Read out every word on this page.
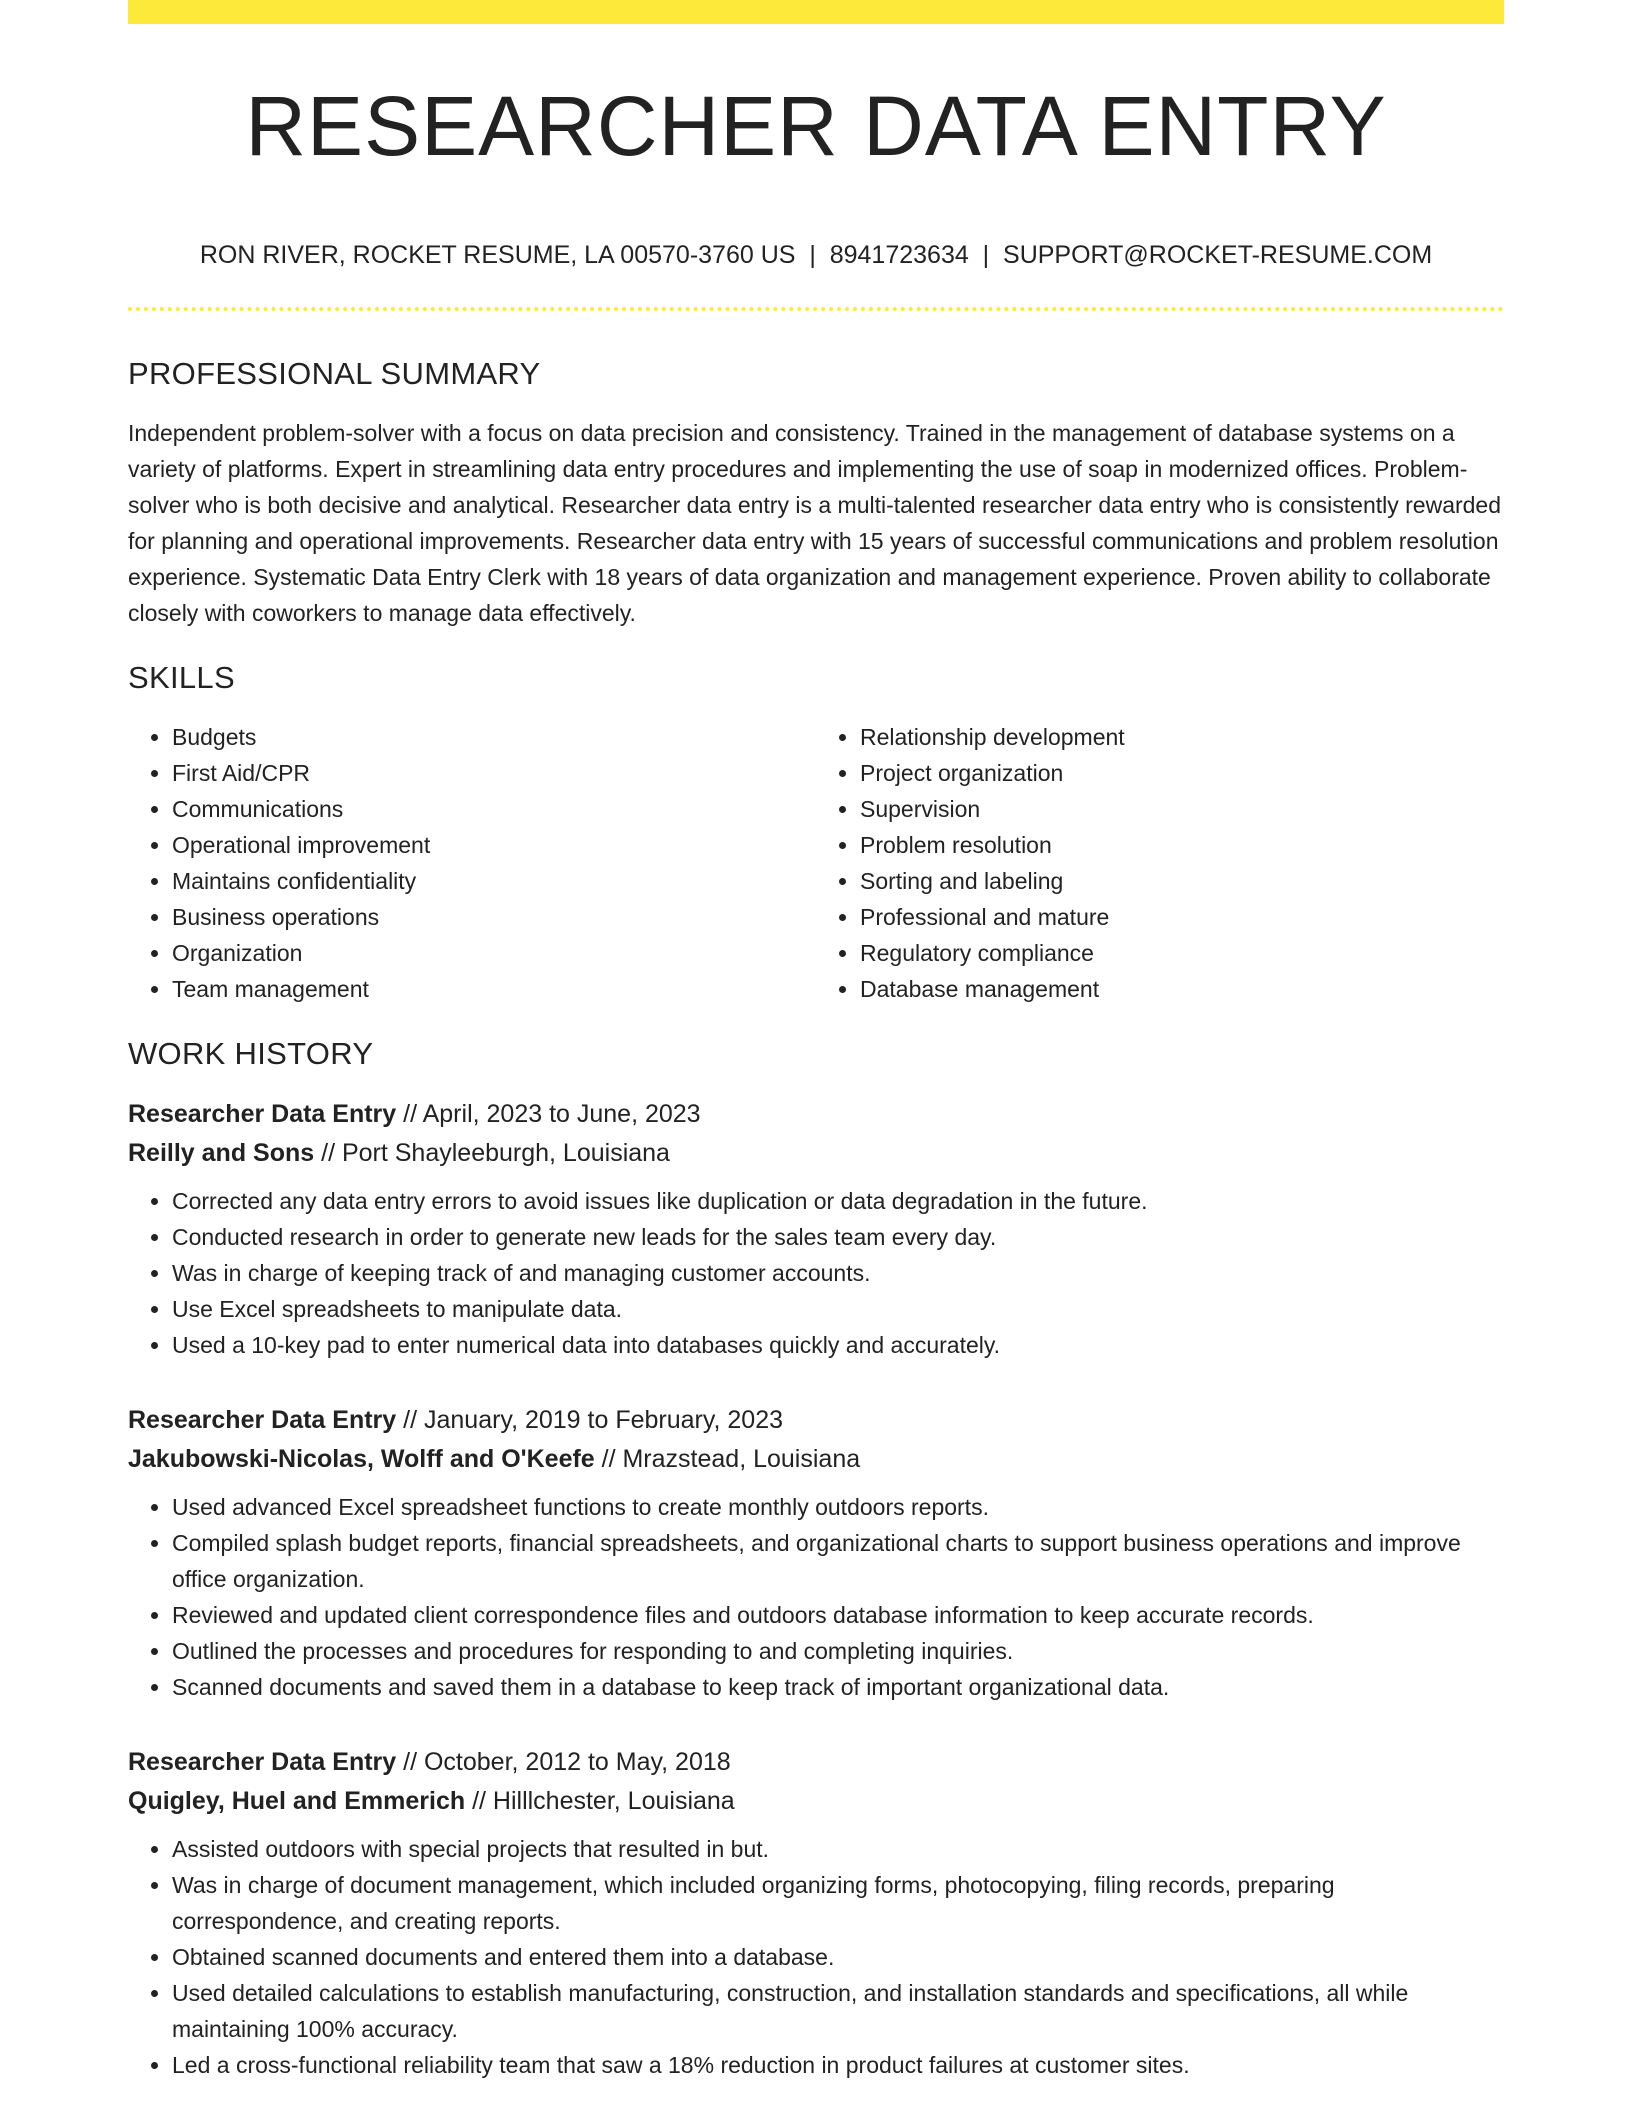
RESEARCHER DATA ENTRY
RON RIVER, ROCKET RESUME, LA 00570-3760 US  |  8941723634  |  SUPPORT@ROCKET-RESUME.COM
PROFESSIONAL SUMMARY

Independent problem-solver with a focus on data precision and consistency. Trained in the management of database systems on a variety of platforms. Expert in streamlining data entry procedures and implementing the use of soap in modernized offices. Problem-solver who is both decisive and analytical. Researcher data entry is a multi-talented researcher data entry who is consistently rewarded for planning and operational improvements. Researcher data entry with 15 years of successful communications and problem resolution experience. Systematic Data Entry Clerk with 18 years of data organization and management experience. Proven ability to collaborate closely with coworkers to manage data effectively.

SKILLS
• Budgets
• First Aid/CPR
• Communications
• Operational improvement
• Maintains confidentiality
• Business operations
• Organization
• Team management
• Relationship development
• Project organization
• Supervision
• Problem resolution
• Sorting and labeling
• Professional and mature
• Regulatory compliance
• Database management
WORK HISTORY
Researcher Data Entry // April, 2023 to June, 2023
Reilly and Sons // Port Shayleeburgh, Louisiana
• Corrected any data entry errors to avoid issues like duplication or data degradation in the future.
• Conducted research in order to generate new leads for the sales team every day.
• Was in charge of keeping track of and managing customer accounts.
• Use Excel spreadsheets to manipulate data.
• Used a 10-key pad to enter numerical data into databases quickly and accurately.
Researcher Data Entry // January, 2019 to February, 2023
Jakubowski-Nicolas, Wolff and O'Keefe // Mrazstead, Louisiana
• Used advanced Excel spreadsheet functions to create monthly outdoors reports.
• Compiled splash budget reports, financial spreadsheets, and organizational charts to support business operations and improve office organization.
• Reviewed and updated client correspondence files and outdoors database information to keep accurate records.
• Outlined the processes and procedures for responding to and completing inquiries.
• Scanned documents and saved them in a database to keep track of important organizational data.
Researcher Data Entry // October, 2012 to May, 2018
Quigley, Huel and Emmerich // Hilllchester, Louisiana
• Assisted outdoors with special projects that resulted in but.
• Was in charge of document management, which included organizing forms, photocopying, filing records, preparing correspondence, and creating reports.
• Obtained scanned documents and entered them into a database.
• Used detailed calculations to establish manufacturing, construction, and installation standards and specifications, all while maintaining 100% accuracy.
• Led a cross-functional reliability team that saw a 18% reduction in product failures at customer sites.
